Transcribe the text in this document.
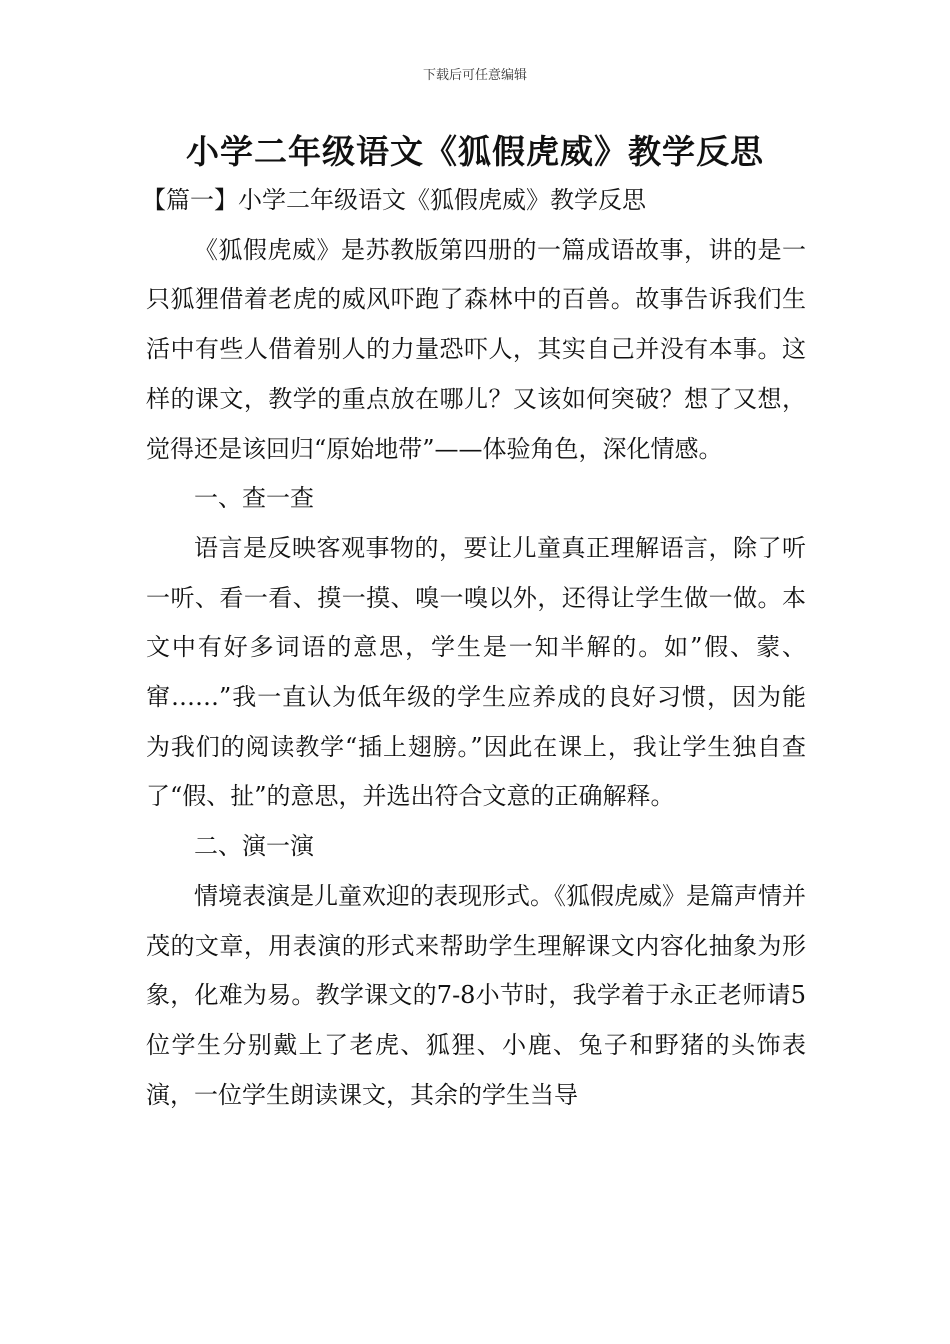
下载后可任意编辑
小学二年级语文《狐假虎威》教学反思

【篇一】小学二年级语文《狐假虎威》教学反思

《狐假虎威》是苏教版第四册的一篇成语故事，讲的是一只狐狸借着老虎的威风吓跑了森林中的百兽。故事告诉我们生活中有些人借着别人的力量恐吓人，其实自己并没有本事。这样的课文，教学的重点放在哪儿？又该如何突破？想了又想，觉得还是该回归“原始地带”——体验角色，深化情感。

一、查一查

语言是反映客观事物的，要让儿童真正理解语言，除了听一听、看一看、摸一摸、嗅一嗅以外，还得让学生做一做。本文中有好多词语的意思，学生是一知半解的。如”假、蒙、窜……”我一直认为低年级的学生应养成的良好习惯，因为能为我们的阅读教学“插上翅膀。”因此在课上，我让学生独自查了“假、扯”的意思，并选出符合文意的正确解释。

二、演一演

情境表演是儿童欢迎的表现形式。《狐假虎威》是篇声情并茂的文章，用表演的形式来帮助学生理解课文内容化抽象为形象，化难为易。教学课文的7-8小节时，我学着于永正老师请5位学生分别戴上了老虎、狐狸、小鹿、兔子和野猪的头饰表演，一位学生朗读课文，其余的学生当导
